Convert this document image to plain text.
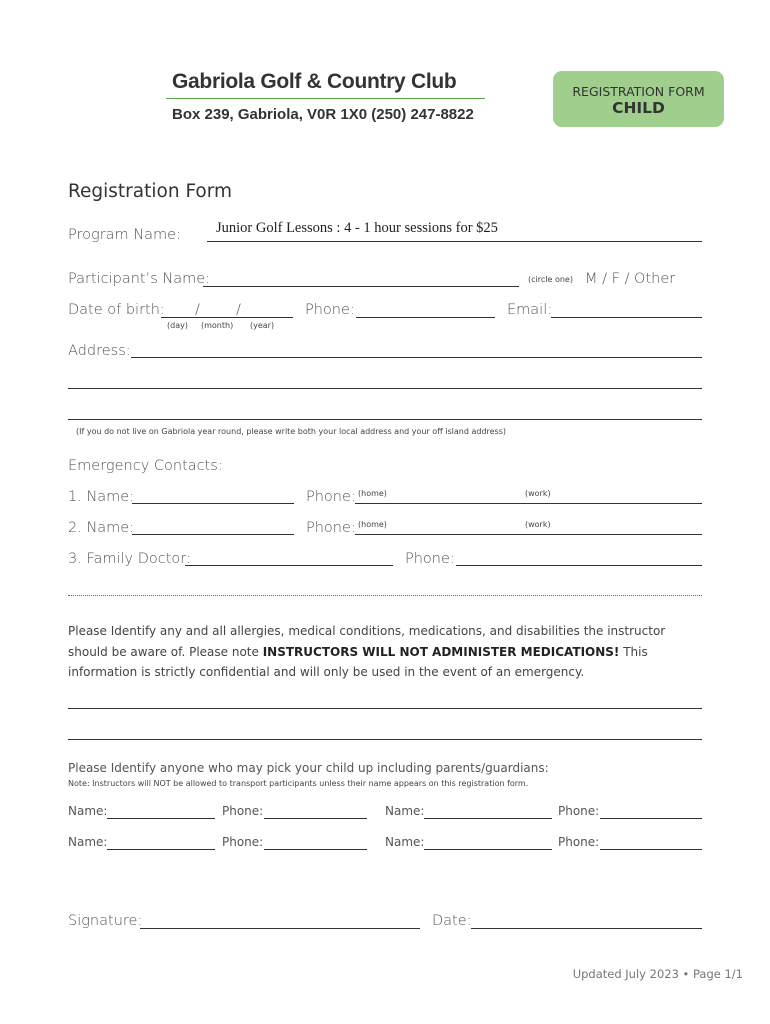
Gabriola Golf & Country Club
Box 239, Gabriola, V0R 1X0 (250) 247-8822
REGISTRATION FORM
CHILD
Registration Form
Program Name: Junior Golf Lessons : 4 - 1 hour sessions for $25
Participant’s Name:	(circle one) M / F / Other
Date of birth: / /
(day) (month) (year)
Phone:	Email:
Address:
(If you do not live on Gabriola year round, please write both your local address and your off island address)
Emergency Contacts:
1. Name:	Phone: (home)	(work)
2. Name:	Phone: (home)	(work)
3. Family Doctor:	Phone:
Please Identify any and all allergies, medical conditions, medications, and disabilities the instructor should be aware of. Please note INSTRUCTORS WILL NOT ADMINISTER MEDICATIONS! This information is strictly confidential and will only be used in the event of an emergency.
Please Identify anyone who may pick your child up including parents/guardians:
Note: Instructors will NOT be allowed to transport participants unless their name appears on this registration form.
Name:	Phone:	Name:	Phone:
Name:	Phone:	Name:	Phone:
Signature:	Date:
Updated July 2023 • Page 1/1
